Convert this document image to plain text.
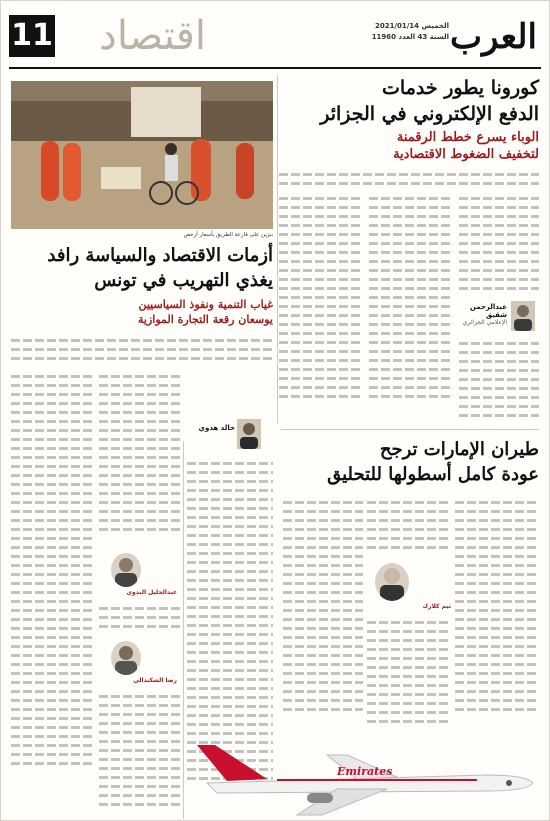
العرب
الخميس 2021/01/14
السنة 43 العدد 11960
اقتصاد
11
كورونا يطور خدمات
الدفع الإلكتروني في الجزائر
الوباء يسرع خطط الرقمنة
لتخفيف الضغوط الاقتصادية
عبدالرحمن شقيق
الإعلامي الجزائري
بنزين على قارعة الطريق بأسعار أرخص
أزمات الاقتصاد والسياسة رافد
يغذي التهريب في تونس
غياب التنمية ونفوذ السياسيين
يوسعان رقعة التجارة الموازية
خالد هدوي
عبدالجليل البدوي
رضا الشكندالي
طيران الإمارات ترجح
عودة كامل أسطولها للتحليق
تيم كلارك
Emirates
